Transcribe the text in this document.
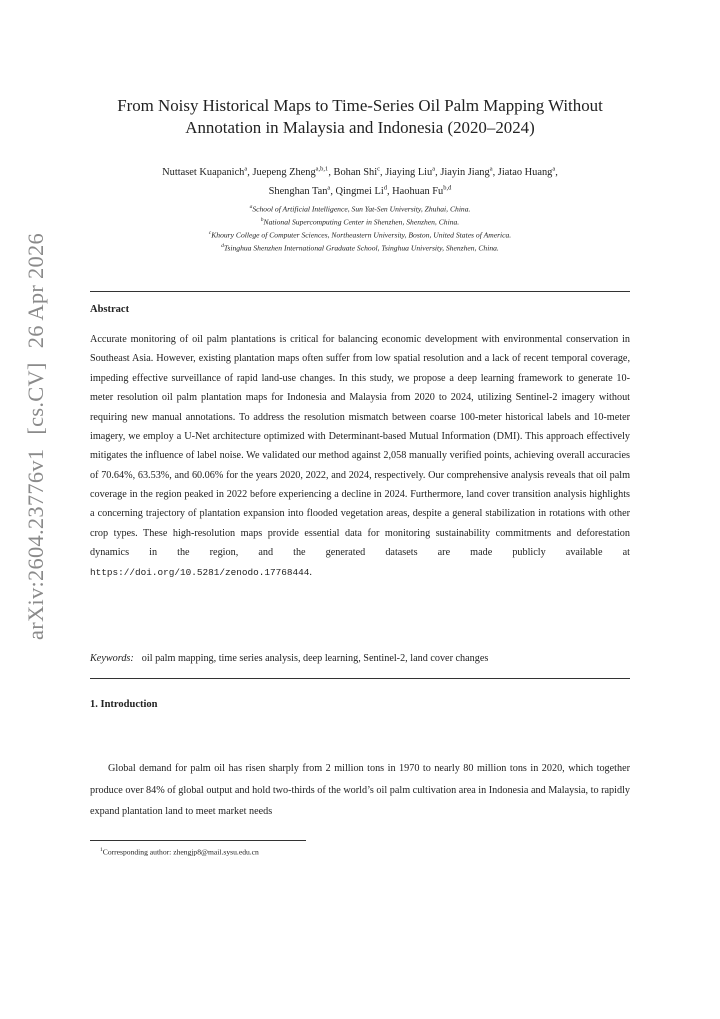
arXiv:2604.23776v1[cs.CV]26 Apr 2026
From Noisy Historical Maps to Time-Series Oil Palm Mapping Without
Annotation in Malaysia and Indonesia (2020–2024)
Nuttaset Kuapanich$^a$, Juepeng Zheng$^{a,b,1}$, Bohan Shi$^c$, Jiaying Liu$^a$, Jiayin Jiang$^a$, Jiatao Huang$^a$,
Shenghan Tan$^a$, Qingmei Li$^d$, Haohuan Fu$^{b,d}$
$^a$School of Artificial Intelligence, Sun Yat-Sen University, Zhuhai, China.
$^b$National Supercomputing Center in Shenzhen, Shenzhen, China.
$^c$Khoury College of Computer Sciences, Northeastern University, Boston, United States of America.
$^d$Tsinghua Shenzhen International Graduate School, Tsinghua University, Shenzhen, China.
Abstract
Accurate monitoring of oil palm plantations is critical for balancing economic development with environmental conservation in Southeast Asia. However, existing plantation maps often suffer from low spatial resolution and a lack of recent temporal coverage, impeding effective surveillance of rapid land-use changes. In this study, we propose a deep learning framework to generate 10-meter resolution oil palm plantation maps for Indonesia and Malaysia from 2020 to 2024, utilizing Sentinel-2 imagery without requiring new manual annotations. To address the resolution mismatch between coarse 100-meter historical labels and 10-meter imagery, we employ a U-Net architecture optimized with Determinant-based Mutual Information (DMI). This approach effectively mitigates the influence of label noise. We validated our method against 2,058 manually verified points, achieving overall accuracies of 70.64%, 63.53%, and 60.06% for the years 2020, 2022, and 2024, respectively. Our comprehensive analysis reveals that oil palm coverage in the region peaked in 2022 before experiencing a decline in 2024. Furthermore, land cover transition analysis highlights a concerning trajectory of plantation expansion into flooded vegetation areas, despite a general stabilization in rotations with other crop types. These high-resolution maps provide essential data for monitoring sustainability commitments and deforestation dynamics in the region, and the generated datasets are made publicly available at https://doi.org/10.5281/zenodo.17768444.
Keywords: oil palm mapping, time series analysis, deep learning, Sentinel-2, land cover changes
1. Introduction
Global demand for palm oil has risen sharply from 2 million tons in 1970 to nearly 80 million tons in 2020, which together produce over 84% of global output and hold two-thirds of the world’s oil palm cultivation area in Indonesia and Malaysia, to rapidly expand plantation land to meet market needs
$^1$Corresponding author: zhengjp8@mail.sysu.edu.cn
